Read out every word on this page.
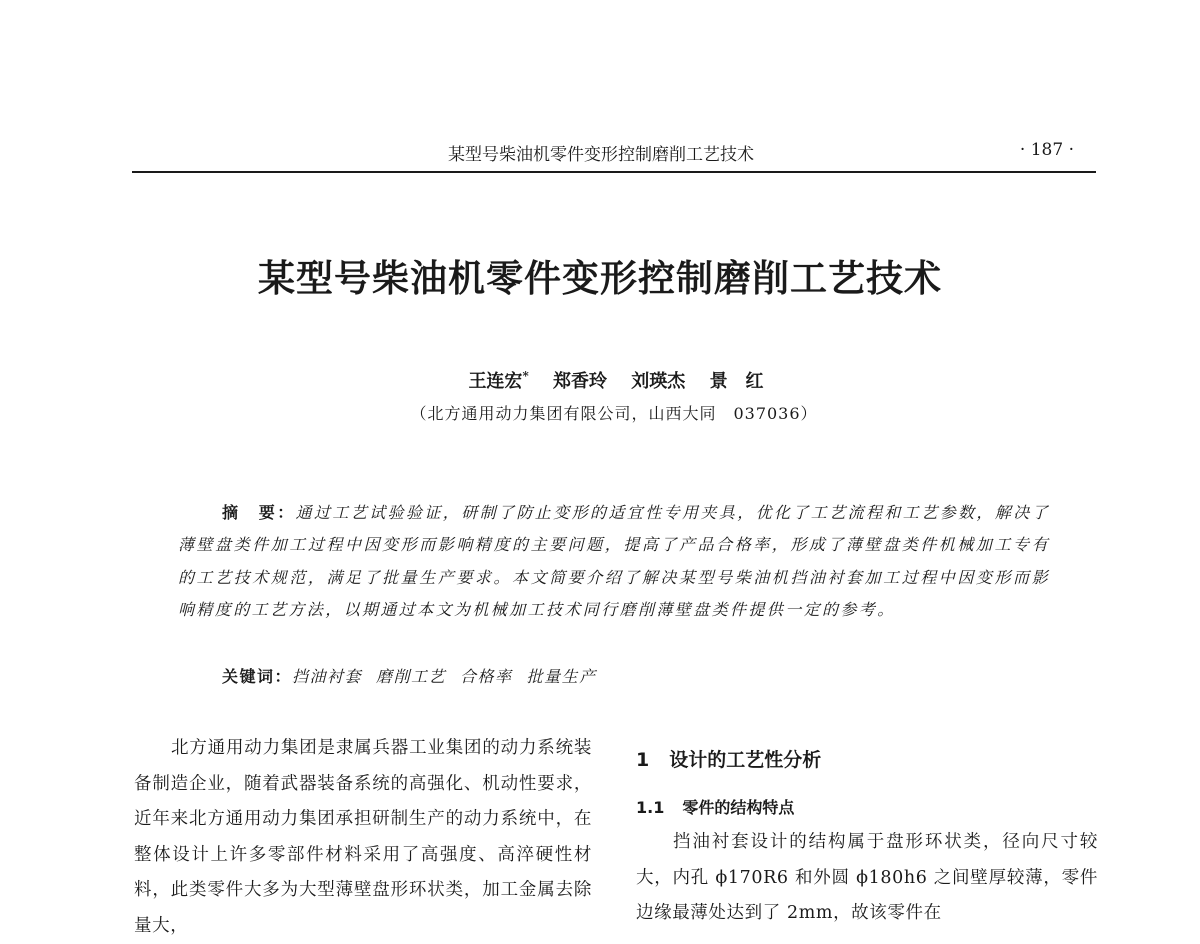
某型号柴油机零件变形控制磨削工艺技术	· 187 ·
某型号柴油机零件变形控制磨削工艺技术
王连宏* 郑香玲 刘瑛杰 景　红
（北方通用动力集团有限公司，山西大同　037036）
摘　要：通过工艺试验验证，研制了防止变形的适宜性专用夹具，优化了工艺流程和工艺参数，解决了薄壁盘类件加工过程中因变形而影响精度的主要问题，提高了产品合格率，形成了薄壁盘类件机械加工专有的工艺技术规范，满足了批量生产要求。本文简要介绍了解决某型号柴油机挡油衬套加工过程中因变形而影响精度的工艺方法，以期通过本文为机械加工技术同行磨削薄壁盘类件提供一定的参考。
关键词：挡油衬套 磨削工艺 合格率 批量生产

北方通用动力集团是隶属兵器工业集团的动力系统装备制造企业，随着武器装备系统的高强化、机动性要求，近年来北方通用动力集团承担研制生产的动力系统中，在整体设计上许多零部件材料采用了高强度、高淬硬性材料，此类零件大多为大型薄壁盘形环状类，加工金属去除量大，

1 设计的工艺性分析
1.1 零件的结构特点

挡油衬套设计的结构属于盘形环状类，径向尺寸较大，内孔 ϕ170R6 和外圆 ϕ180h6 之间壁厚较薄，零件边缘最薄处达到了 2mm，故该零件在
